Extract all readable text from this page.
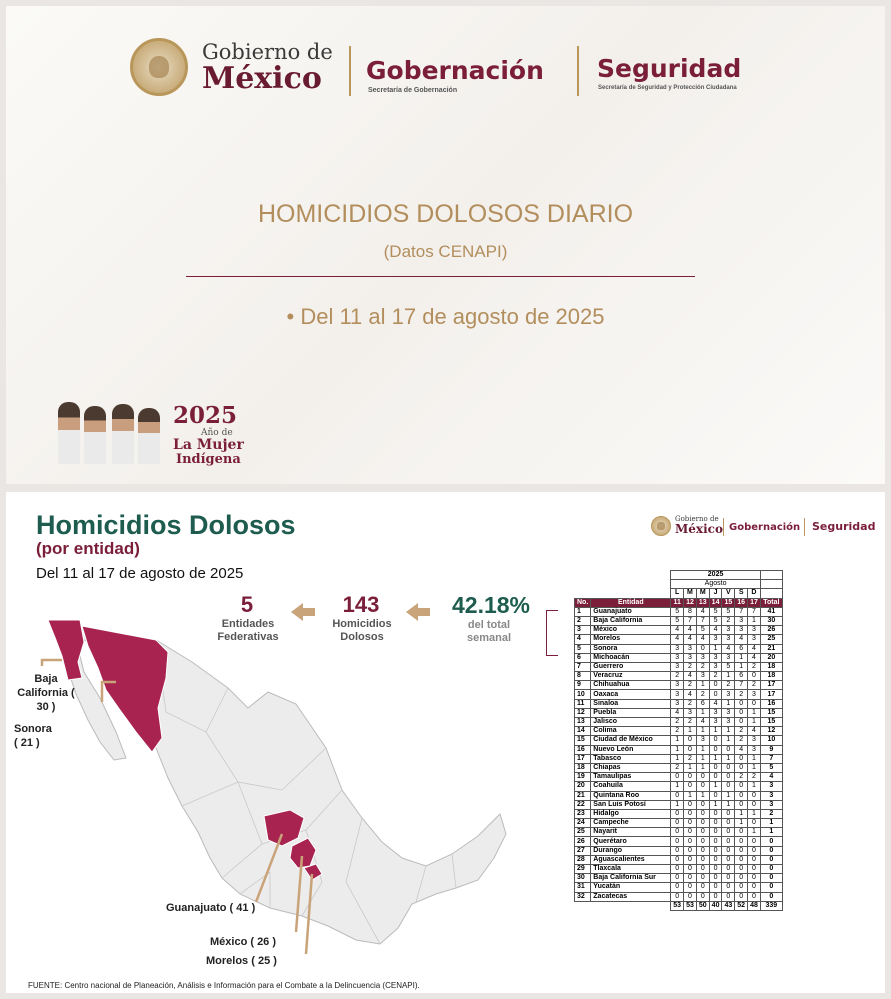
Gobierno de
México Gobernación
Secretaría de Gobernación
Seguridad
Secretaría de Seguridad y Protección Ciudadana
HOMICIDIOS DOLOSOS DIARIO
(Datos CENAPI)
• Del 11 al 17 de agosto de 2025
2025
Año de
La Mujer
Indígena
Homicidios Dolosos
(por entidad)
Del 11 al 17 de agosto de 2025
Gobierno de
México Gobernación Seguridad
5
Entidades Federativas
143
Homicidios Dolosos
42.18%
del total semanal
Baja California ( 30 )
Sonora ( 21 )
Guanajuato ( 41 )
México ( 26 )
Morelos ( 25 )
		2025							
		Agosto							
		L	M	M	J	V	S	D	
No.	Entidad	11	12	13	14	15	16	17	Total
1	Guanajuato	5	8	4	5	5	7	7	41
2	Baja California	5	7	7	5	2	3	1	30
3	México	4	4	5	4	3	3	3	26
4	Morelos	4	4	4	3	3	4	3	25
5	Sonora	3	3	0	1	4	6	4	21
6	Michoacán	3	3	3	3	3	1	4	20
7	Guerrero	3	2	2	3	5	1	2	18
8	Veracruz	2	4	3	2	1	6	0	18
9	Chihuahua	3	2	1	0	2	7	2	17
10	Oaxaca	3	4	2	0	3	2	3	17
11	Sinaloa	3	2	6	4	1	0	0	16
12	Puebla	4	3	1	3	3	0	1	15
13	Jalisco	2	2	4	3	3	0	1	15
14	Colima	2	1	1	1	1	2	4	12
15	Ciudad de México	1	0	3	0	1	2	3	10
16	Nuevo León	1	0	1	0	0	4	3	9
17	Tabasco	1	2	1	1	1	0	1	7
18	Chiapas	2	1	1	0	0	0	1	5
19	Tamaulipas	0	0	0	0	0	2	2	4
20	Coahuila	1	0	0	1	0	0	1	3
21	Quintana Roo	0	1	1	0	1	0	0	3
22	San Luis Potosí	1	0	0	1	1	0	0	3
23	Hidalgo	0	0	0	0	0	1	1	2
24	Campeche	0	0	0	0	0	1	0	1
25	Nayarit	0	0	0	0	0	0	1	1
26	Querétaro	0	0	0	0	0	0	0	0
27	Durango	0	0	0	0	0	0	0	0
28	Aguascalientes	0	0	0	0	0	0	0	0
29	Tlaxcala	0	0	0	0	0	0	0	0
30	Baja California Sur	0	0	0	0	0	0	0	0
31	Yucatán	0	0	0	0	0	0	0	0
32	Zacatecas	0	0	0	0	0	0	0	0
		53	53	50	40	43	52	48	339
FUENTE: Centro nacional de Planeación, Análisis e Información para el Combate a la Delincuencia (CENAPI).
